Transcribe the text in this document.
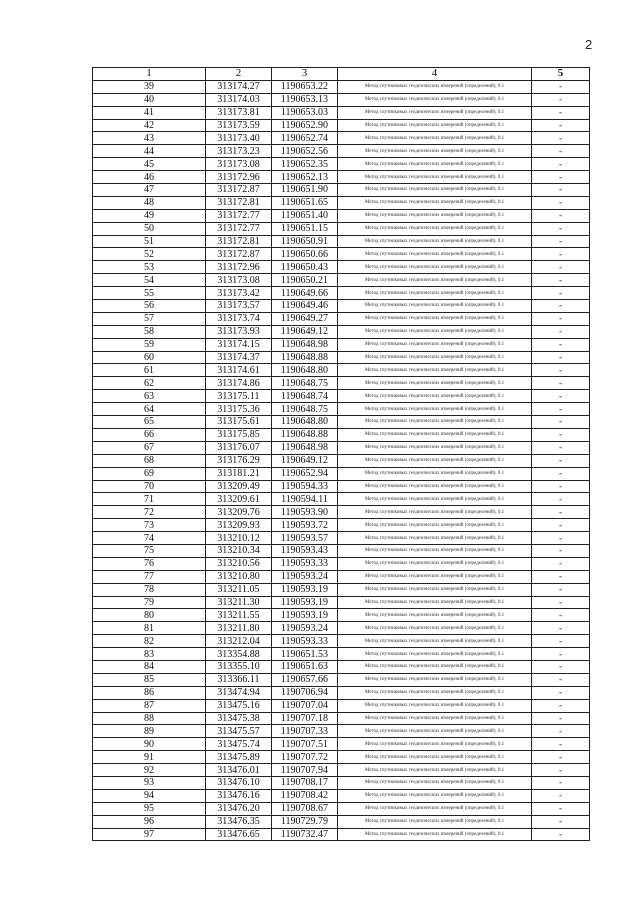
2
1	2	3	4	5
39	313174.27	1190653.22	Метод спутниковых геодезических измерений (определений), 0.1	-
40	313174.03	1190653.13	Метод спутниковых геодезических измерений (определений), 0.1	-
41	313173.81	1190653.03	Метод спутниковых геодезических измерений (определений), 0.1	-
42	313173.59	1190652.90	Метод спутниковых геодезических измерений (определений), 0.1	-
43	313173.40	1190652.74	Метод спутниковых геодезических измерений (определений), 0.1	-
44	313173.23	1190652.56	Метод спутниковых геодезических измерений (определений), 0.1	-
45	313173.08	1190652.35	Метод спутниковых геодезических измерений (определений), 0.1	-
46	313172.96	1190652.13	Метод спутниковых геодезических измерений (определений), 0.1	-
47	313172.87	1190651.90	Метод спутниковых геодезических измерений (определений), 0.1	-
48	313172.81	1190651.65	Метод спутниковых геодезических измерений (определений), 0.1	-
49	313172.77	1190651.40	Метод спутниковых геодезических измерений (определений), 0.1	-
50	313172.77	1190651.15	Метод спутниковых геодезических измерений (определений), 0.1	-
51	313172.81	1190650.91	Метод спутниковых геодезических измерений (определений), 0.1	-
52	313172.87	1190650.66	Метод спутниковых геодезических измерений (определений), 0.1	-
53	313172.96	1190650.43	Метод спутниковых геодезических измерений (определений), 0.1	-
54	313173.08	1190650.21	Метод спутниковых геодезических измерений (определений), 0.1	-
55	313173.42	1190649.66	Метод спутниковых геодезических измерений (определений), 0.1	-
56	313173.57	1190649.46	Метод спутниковых геодезических измерений (определений), 0.1	-
57	313173.74	1190649.27	Метод спутниковых геодезических измерений (определений), 0.1	-
58	313173.93	1190649.12	Метод спутниковых геодезических измерений (определений), 0.1	-
59	313174.15	1190648.98	Метод спутниковых геодезических измерений (определений), 0.1	-
60	313174.37	1190648.88	Метод спутниковых геодезических измерений (определений), 0.1	-
61	313174.61	1190648.80	Метод спутниковых геодезических измерений (определений), 0.1	-
62	313174.86	1190648.75	Метод спутниковых геодезических измерений (определений), 0.1	-
63	313175.11	1190648.74	Метод спутниковых геодезических измерений (определений), 0.1	-
64	313175.36	1190648.75	Метод спутниковых геодезических измерений (определений), 0.1	-
65	313175.61	1190648.80	Метод спутниковых геодезических измерений (определений), 0.1	-
66	313175.85	1190648.88	Метод спутниковых геодезических измерений (определений), 0.1	-
67	313176.07	1190648.98	Метод спутниковых геодезических измерений (определений), 0.1	-
68	313176.29	1190649.12	Метод спутниковых геодезических измерений (определений), 0.1	-
69	313181.21	1190652.94	Метод спутниковых геодезических измерений (определений), 0.1	-
70	313209.49	1190594.33	Метод спутниковых геодезических измерений (определений), 0.1	-
71	313209.61	1190594.11	Метод спутниковых геодезических измерений (определений), 0.1	-
72	313209.76	1190593.90	Метод спутниковых геодезических измерений (определений), 0.1	-
73	313209.93	1190593.72	Метод спутниковых геодезических измерений (определений), 0.1	-
74	313210.12	1190593.57	Метод спутниковых геодезических измерений (определений), 0.1	-
75	313210.34	1190593.43	Метод спутниковых геодезических измерений (определений), 0.1	-
76	313210.56	1190593.33	Метод спутниковых геодезических измерений (определений), 0.1	-
77	313210.80	1190593.24	Метод спутниковых геодезических измерений (определений), 0.1	-
78	313211.05	1190593.19	Метод спутниковых геодезических измерений (определений), 0.1	-
79	313211.30	1190593.19	Метод спутниковых геодезических измерений (определений), 0.1	-
80	313211.55	1190593.19	Метод спутниковых геодезических измерений (определений), 0.1	-
81	313211.80	1190593.24	Метод спутниковых геодезических измерений (определений), 0.1	-
82	313212.04	1190593.33	Метод спутниковых геодезических измерений (определений), 0.1	-
83	313354.88	1190651.53	Метод спутниковых геодезических измерений (определений), 0.1	-
84	313355.10	1190651.63	Метод спутниковых геодезических измерений (определений), 0.1	-
85	313366.11	1190657.66	Метод спутниковых геодезических измерений (определений), 0.1	-
86	313474.94	1190706.94	Метод спутниковых геодезических измерений (определений), 0.1	-
87	313475.16	1190707.04	Метод спутниковых геодезических измерений (определений), 0.1	-
88	313475.38	1190707.18	Метод спутниковых геодезических измерений (определений), 0.1	-
89	313475.57	1190707.33	Метод спутниковых геодезических измерений (определений), 0.1	-
90	313475.74	1190707.51	Метод спутниковых геодезических измерений (определений), 0.1	-
91	313475.89	1190707.72	Метод спутниковых геодезических измерений (определений), 0.1	-
92	313476.01	1190707.94	Метод спутниковых геодезических измерений (определений), 0.1	-
93	313476.10	1190708.17	Метод спутниковых геодезических измерений (определений), 0.1	-
94	313476.16	1190708.42	Метод спутниковых геодезических измерений (определений), 0.1	-
95	313476.20	1190708.67	Метод спутниковых геодезических измерений (определений), 0.1	-
96	313476.35	1190729.79	Метод спутниковых геодезических измерений (определений), 0.1	-
97	313476.65	1190732.47	Метод спутниковых геодезических измерений (определений), 0.1	-
